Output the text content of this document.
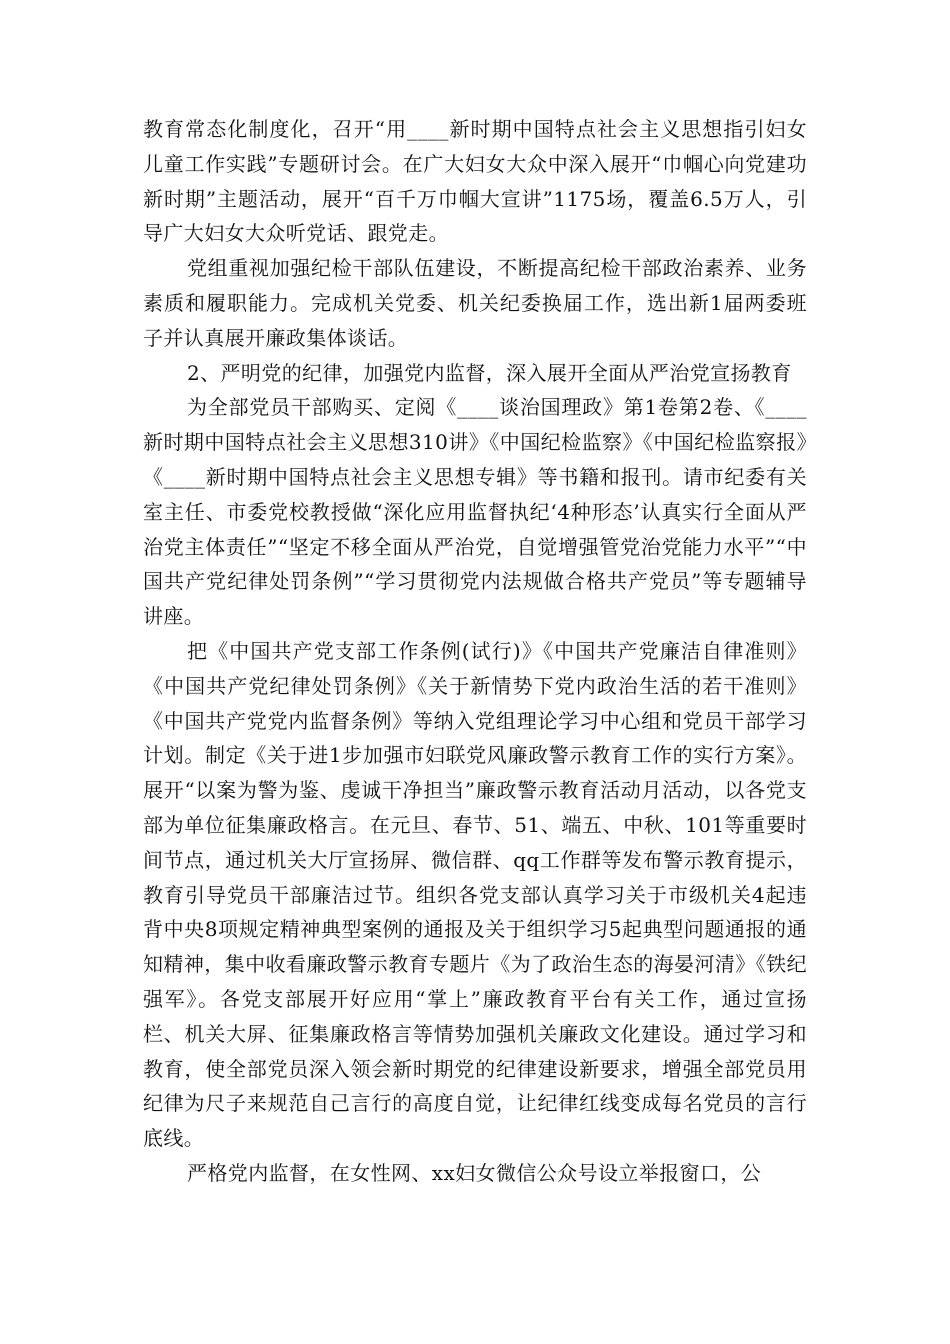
教育常态化制度化，召开“用____新时期中国特点社会主义思想指引妇女儿童工作实践”专题研讨会。在广大妇女大众中深入展开“巾帼心向党建功新时期”主题活动，展开“百千万巾帼大宣讲”1175场，覆盖6.5万人，引导广大妇女大众听党话、跟党走。

党组重视加强纪检干部队伍建设，不断提高纪检干部政治素养、业务素质和履职能力。完成机关党委、机关纪委换届工作，选出新1届两委班子并认真展开廉政集体谈话。

2、严明党的纪律，加强党内监督，深入展开全面从严治党宣扬教育

为全部党员干部购买、定阅《____谈治国理政》第1卷第2卷、《____新时期中国特点社会主义思想310讲》《中国纪检监察》《中国纪检监察报》《____新时期中国特点社会主义思想专辑》等书籍和报刊。请市纪委有关室主任、市委党校教授做“深化应用监督执纪‘4种形态’认真实行全面从严治党主体责任”“坚定不移全面从严治党，自觉增强管党治党能力水平”“中国共产党纪律处罚条例”“学习贯彻党内法规做合格共产党员”等专题辅导讲座。

把《中国共产党支部工作条例(试行)》《中国共产党廉洁自律准则》《中国共产党纪律处罚条例》《关于新情势下党内政治生活的若干准则》《中国共产党党内监督条例》等纳入党组理论学习中心组和党员干部学习计划。制定《关于进1步加强市妇联党风廉政警示教育工作的实行方案》。展开“以案为警为鉴、虔诚干净担当”廉政警示教育活动月活动，以各党支部为单位征集廉政格言。在元旦、春节、51、端五、中秋、101等重要时间节点，通过机关大厅宣扬屏、微信群、qq工作群等发布警示教育提示，教育引导党员干部廉洁过节。组织各党支部认真学习关于市级机关4起违背中央8项规定精神典型案例的通报及关于组织学习5起典型问题通报的通知精神，集中收看廉政警示教育专题片《为了政治生态的海晏河清》《铁纪强军》。各党支部展开好应用“掌上”廉政教育平台有关工作，通过宣扬栏、机关大屏、征集廉政格言等情势加强机关廉政文化建设。通过学习和教育，使全部党员深入领会新时期党的纪律建设新要求，增强全部党员用纪律为尺子来规范自己言行的高度自觉，让纪律红线变成每名党员的言行底线。

严格党内监督，在女性网、xx妇女微信公众号设立举报窗口，公
